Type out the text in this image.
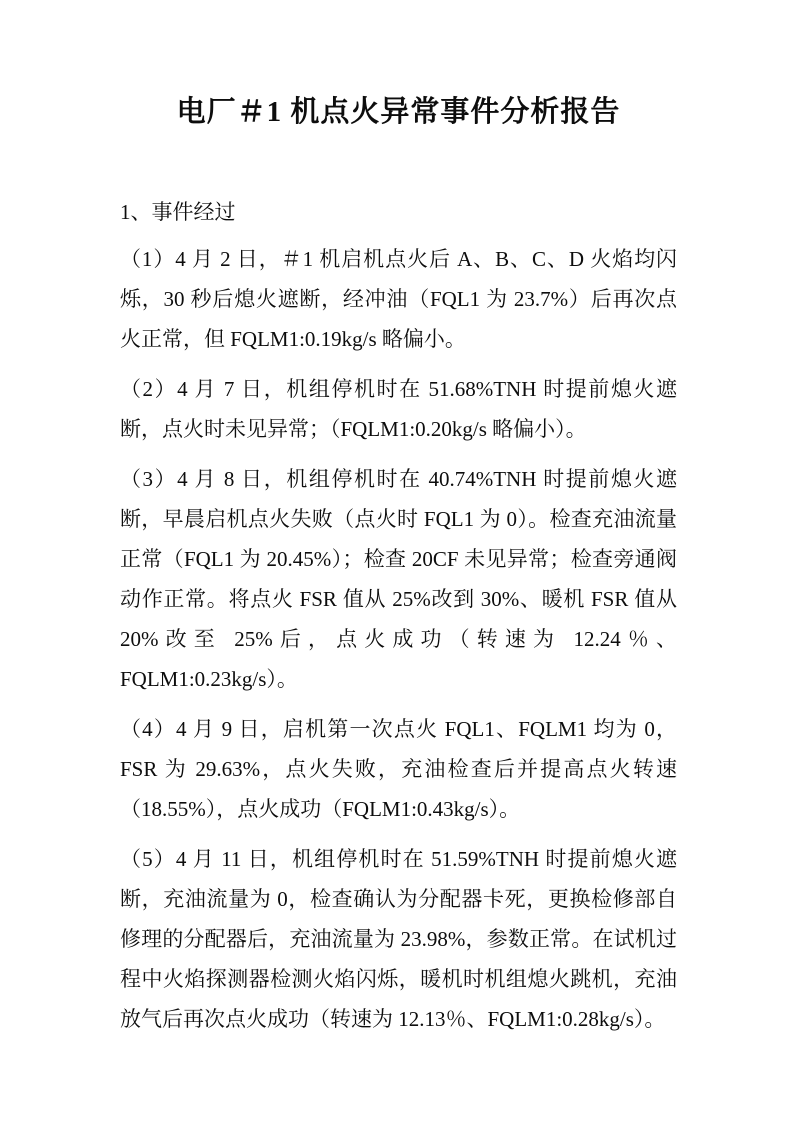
电厂＃1 机点火异常事件分析报告
1、事件经过

（1）4 月 2 日，＃1 机启机点火后 A、B、C、D 火焰均闪烁，30 秒后熄火遮断，经冲油（FQL1 为 23.7%）后再次点火正常，但 FQLM1:0.19kg/s 略偏小。

（2）4 月 7 日，机组停机时在 51.68%TNH 时提前熄火遮断，点火时未见异常；（FQLM1:0.20kg/s 略偏小）。

（3）4 月 8 日，机组停机时在 40.74%TNH 时提前熄火遮断，早晨启机点火失败（点火时 FQL1 为 0）。检查充油流量正常（FQL1 为 20.45%）；检查 20CF 未见异常；检查旁通阀动作正常。将点火 FSR 值从 25%改到 30%、暖机 FSR 值从 20%改至 25%后，点火成功（转速为 12.24％、FQLM1:0.23kg/s）。

（4）4 月 9 日，启机第一次点火 FQL1、FQLM1 均为 0，FSR 为 29.63%，点火失败，充油检查后并提高点火转速（18.55%），点火成功（FQLM1:0.43kg/s）。

（5）4 月 11 日，机组停机时在 51.59%TNH 时提前熄火遮断，充油流量为 0，检查确认为分配器卡死，更换检修部自修理的分配器后，充油流量为 23.98%，参数正常。在试机过程中火焰探测器检测火焰闪烁，暖机时机组熄火跳机，充油放气后再次点火成功（转速为 12.13％、FQLM1:0.28kg/s）。
